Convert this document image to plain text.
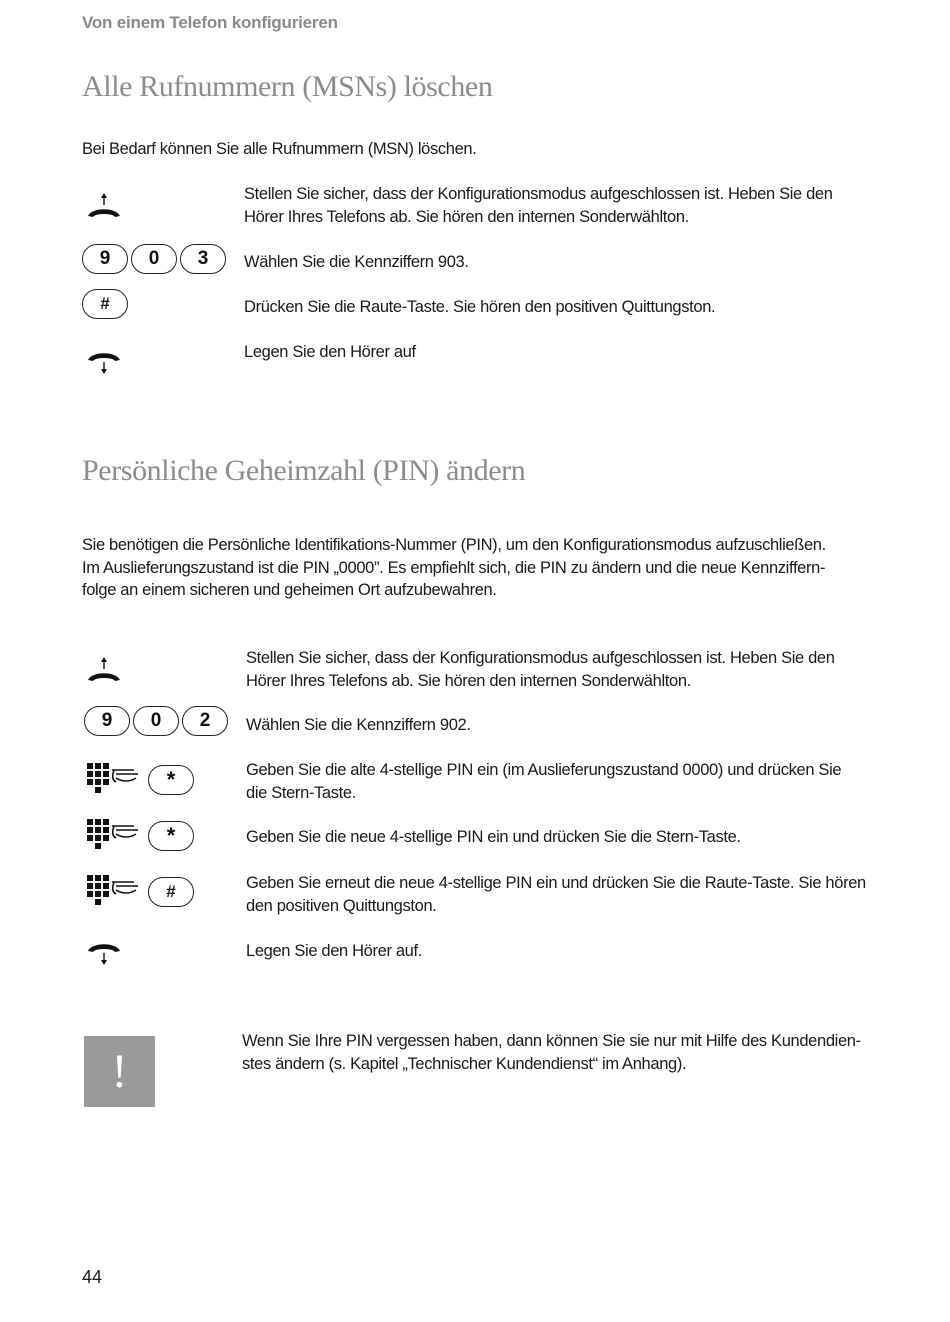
Von einem Telefon konfigurieren
Alle Rufnummern (MSNs) löschen
Bei Bedarf können Sie alle Rufnummern (MSN) löschen.
Stellen Sie sicher, dass der Konfigurationsmodus aufgeschlossen ist. Heben Sie den Hörer Ihres Telefons ab. Sie hören den internen Sonderwählton.
9	0	3	Wählen Sie die Kennziffern 903.
#	Drücken Sie die Raute-Taste. Sie hören den positiven Quittungston.
Legen Sie den Hörer auf
Persönliche Geheimzahl (PIN) ändern
Sie benötigen die Persönliche Identifikations-Nummer (PIN), um den Konfigurationsmodus aufzuschließen.
Im Auslieferungszustand ist die PIN „0000”. Es empfiehlt sich, die PIN zu ändern und die neue Kennziffern-
folge an einem sicheren und geheimen Ort aufzubewahren.
Stellen Sie sicher, dass der Konfigurationsmodus aufgeschlossen ist. Heben Sie den Hörer Ihres Telefons ab. Sie hören den internen Sonderwählton.
9	0	2	Wählen Sie die Kennziffern 902.
*	Geben Sie die alte 4-stellige PIN ein (im Auslieferungszustand 0000) und drücken Sie die Stern-Taste.
*	Geben Sie die neue 4-stellige PIN ein und drücken Sie die Stern-Taste.
#	Geben Sie erneut die neue 4-stellige PIN ein und drücken Sie die Raute-Taste. Sie hören den positiven Quittungston.
Legen Sie den Hörer auf.
!
Wenn Sie Ihre PIN vergessen haben, dann können Sie sie nur mit Hilfe des Kundendien-
stes ändern (s. Kapitel „Technischer Kundendienst“ im Anhang).
44
